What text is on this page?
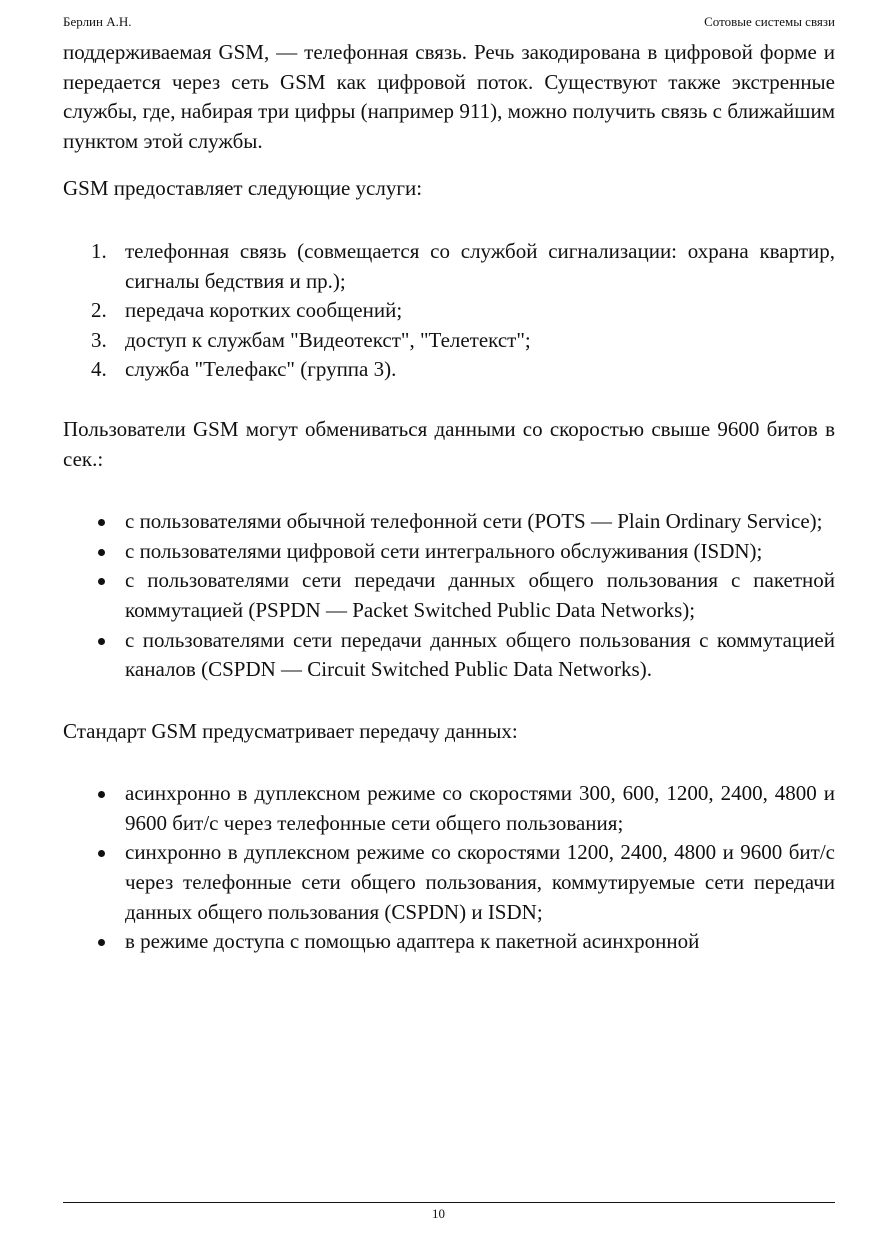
Берлин А.Н.	Сотовые системы связи

поддерживаемая GSM, — телефонная связь. Речь закодирована в цифровой форме и передается через сеть GSM как цифровой поток. Существуют также экстренные службы, где, набирая три цифры (например 911), можно получить связь с ближайшим пунктом этой службы.

GSM предоставляет следующие услуги:

1. телефонная связь (совмещается со службой сигнализации: охрана квартир, сигналы бедствия и пр.);
2. передача коротких сообщений;
3. доступ к службам "Видеотекст", "Телетекст";
4. служба "Телефакс" (группа 3).

Пользователи GSM могут обмениваться данными со скоростью свыше 9600 битов в сек.:

с пользователями обычной телефонной сети (POTS — Plain Ordinary Service);
с пользователями цифровой сети интегрального обслуживания (ISDN);
с пользователями сети передачи данных общего пользования с пакетной коммутацией (PSPDN — Packet Switched Public Data Networks);
с пользователями сети передачи данных общего пользования с коммутацией каналов (CSPDN — Circuit Switched Public Data Networks).

Стандарт GSM предусматривает передачу данных:

асинхронно в дуплексном режиме со скоростями 300, 600, 1200, 2400, 4800 и 9600 бит/с через телефонные сети общего пользования;
синхронно в дуплексном режиме со скоростями 1200, 2400, 4800 и 9600 бит/с через телефонные сети общего пользования, коммутируемые сети передачи данных общего пользования (CSPDN) и ISDN;
в режиме доступа с помощью адаптера к пакетной асинхронной
10
